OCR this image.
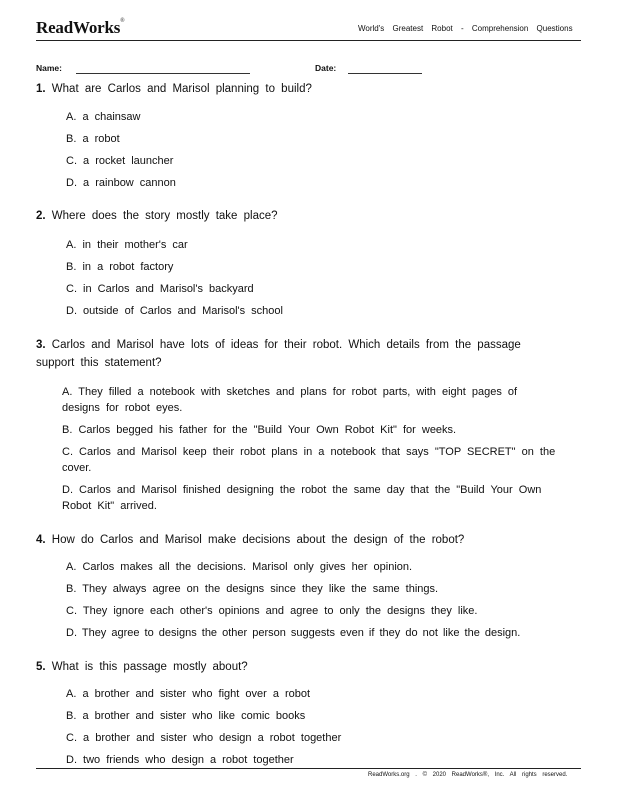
ReadWorks®
World's Greatest Robot - Comprehension Questions
Name:	Date:
1. What are Carlos and Marisol planning to build?
A. a chainsaw
B. a robot
C. a rocket launcher
D. a rainbow cannon
2. Where does the story mostly take place?
A. in their mother's car
B. in a robot factory
C. in Carlos and Marisol's backyard
D. outside of Carlos and Marisol's school
3. Carlos and Marisol have lots of ideas for their robot. Which details from the passage support this statement?
A. They filled a notebook with sketches and plans for robot parts, with eight pages of designs for robot eyes.
B. Carlos begged his father for the "Build Your Own Robot Kit" for weeks.
C. Carlos and Marisol keep their robot plans in a notebook that says "TOP SECRET" on the cover.
D. Carlos and Marisol finished designing the robot the same day that the "Build Your Own Robot Kit" arrived.
4. How do Carlos and Marisol make decisions about the design of the robot?
A. Carlos makes all the decisions. Marisol only gives her opinion.
B. They always agree on the designs since they like the same things.
C. They ignore each other's opinions and agree to only the designs they like.
D. They agree to designs the other person suggests even if they do not like the design.
5. What is this passage mostly about?
A. a brother and sister who fight over a robot
B. a brother and sister who like comic books
C. a brother and sister who design a robot together
D. two friends who design a robot together
ReadWorks.org . © 2020 ReadWorks®, Inc. All rights reserved.
